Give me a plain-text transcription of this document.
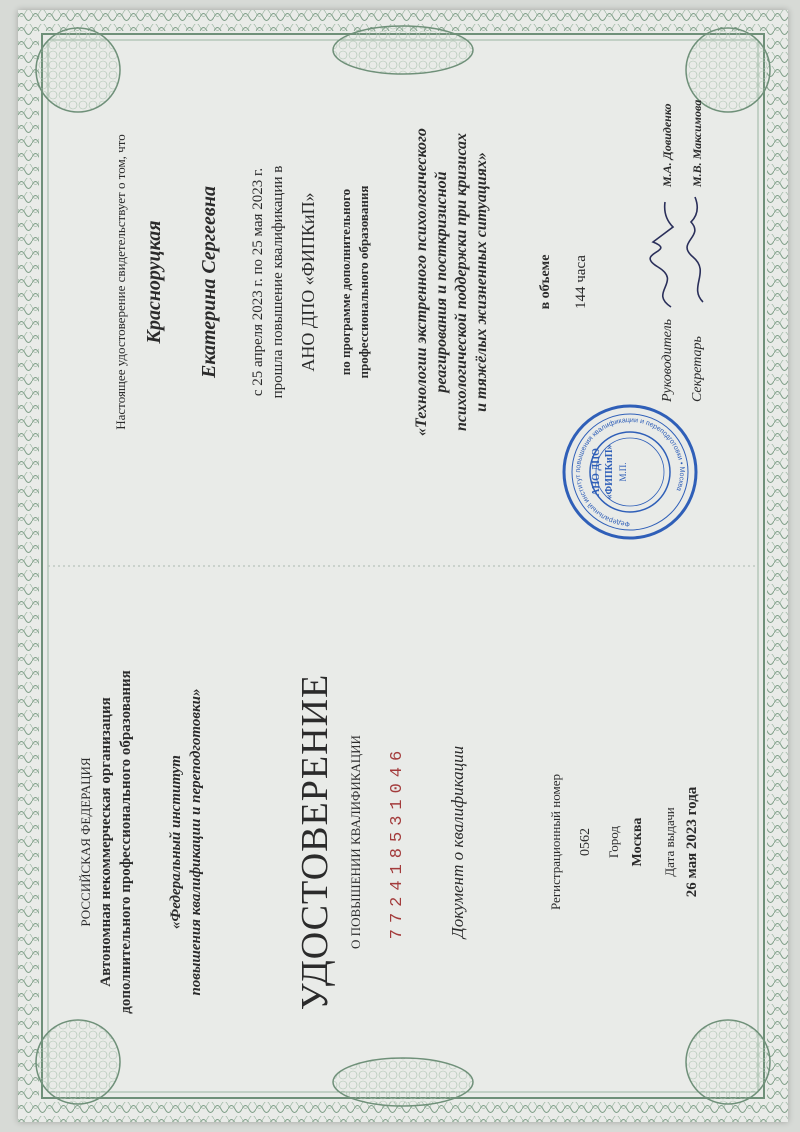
РОССИЙСКАЯ ФЕДЕРАЦИЯ Автономная некоммерческая организация дополнительного профессионального образования «Федеральный институт повышения квалификации и переподготовки» УДОСТОВЕРЕНИЕ О ПОВЫШЕНИИ КВАЛИФИКАЦИИ 772418531046 Документ о квалификации	Регистрационный номер 0562 Город Москва Дата выдачи 26 мая 2023 года
Настоящее удостоверение свидетельствует о том, что Красноруцкая Екатерина Сергеевна с 25 апреля 2023 г. по 25 мая 2023 г. прошла повышение квалификации в АНО ДПО «ФИПКиП» по программе дополнительного профессионального образования	«Технологии экстренного психологического реагирования и посткризисной психологической поддержки при кризисах и тяжёлых жизненных ситуациях»	в объеме 144 часа
Руководитель Секретарь
М.А. Довиденко М.В. Максимова
АНО ДПО «ФИПКиП» М.П.
Федеральный институт повышения квалификации и переподготовки • Москва
